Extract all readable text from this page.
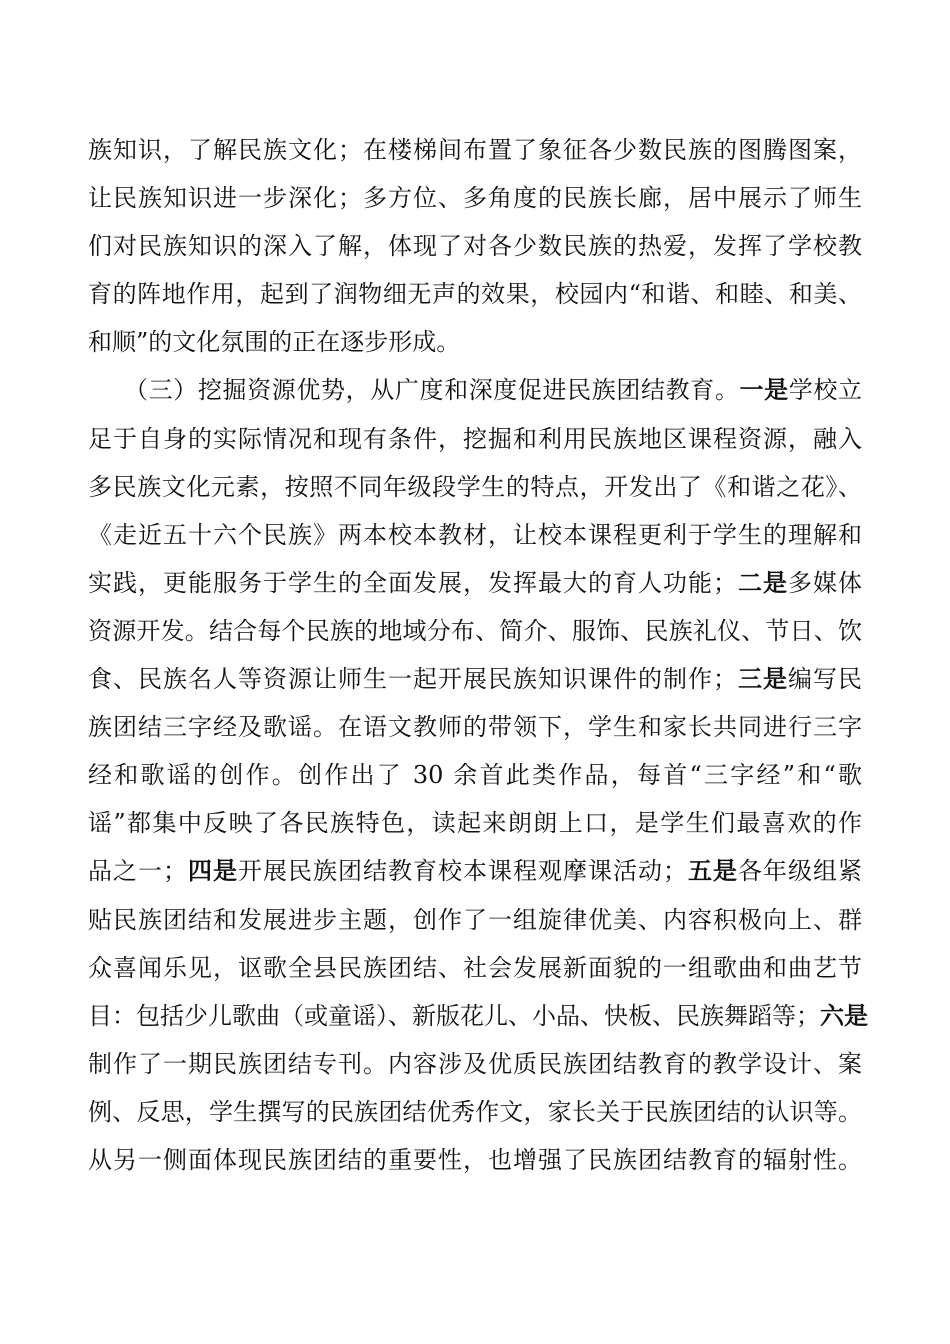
族知识，了解民族文化；在楼梯间布置了象征各少数民族的图腾图案，
让民族知识进一步深化；多方位、多角度的民族长廊，居中展示了师生
们对民族知识的深入了解，体现了对各少数民族的热爱，发挥了学校教
育的阵地作用，起到了润物细无声的效果，校园内“和谐、和睦、和美、
和顺”的文化氛围的正在逐步形成。
（三）挖掘资源优势，从广度和深度促进民族团结教育。一是学校立
足于自身的实际情况和现有条件，挖掘和利用民族地区课程资源，融入
多民族文化元素，按照不同年级段学生的特点，开发出了《和谐之花》、
《走近五十六个民族》两本校本教材，让校本课程更利于学生的理解和
实践，更能服务于学生的全面发展，发挥最大的育人功能；二是多媒体
资源开发。结合每个民族的地域分布、简介、服饰、民族礼仪、节日、饮
食、民族名人等资源让师生一起开展民族知识课件的制作；三是编写民
族团结三字经及歌谣。在语文教师的带领下，学生和家长共同进行三字
经和歌谣的创作。创作出了 30 余首此类作品，每首“三字经”和“歌
谣”都集中反映了各民族特色，读起来朗朗上口，是学生们最喜欢的作
品之一；四是开展民族团结教育校本课程观摩课活动；五是各年级组紧
贴民族团结和发展进步主题，创作了一组旋律优美、内容积极向上、群
众喜闻乐见，讴歌全县民族团结、社会发展新面貌的一组歌曲和曲艺节
目：包括少儿歌曲（或童谣）、新版花儿、小品、快板、民族舞蹈等；六是
制作了一期民族团结专刊。内容涉及优质民族团结教育的教学设计、案
例、反思，学生撰写的民族团结优秀作文，家长关于民族团结的认识等。
从另一侧面体现民族团结的重要性，也增强了民族团结教育的辐射性。
